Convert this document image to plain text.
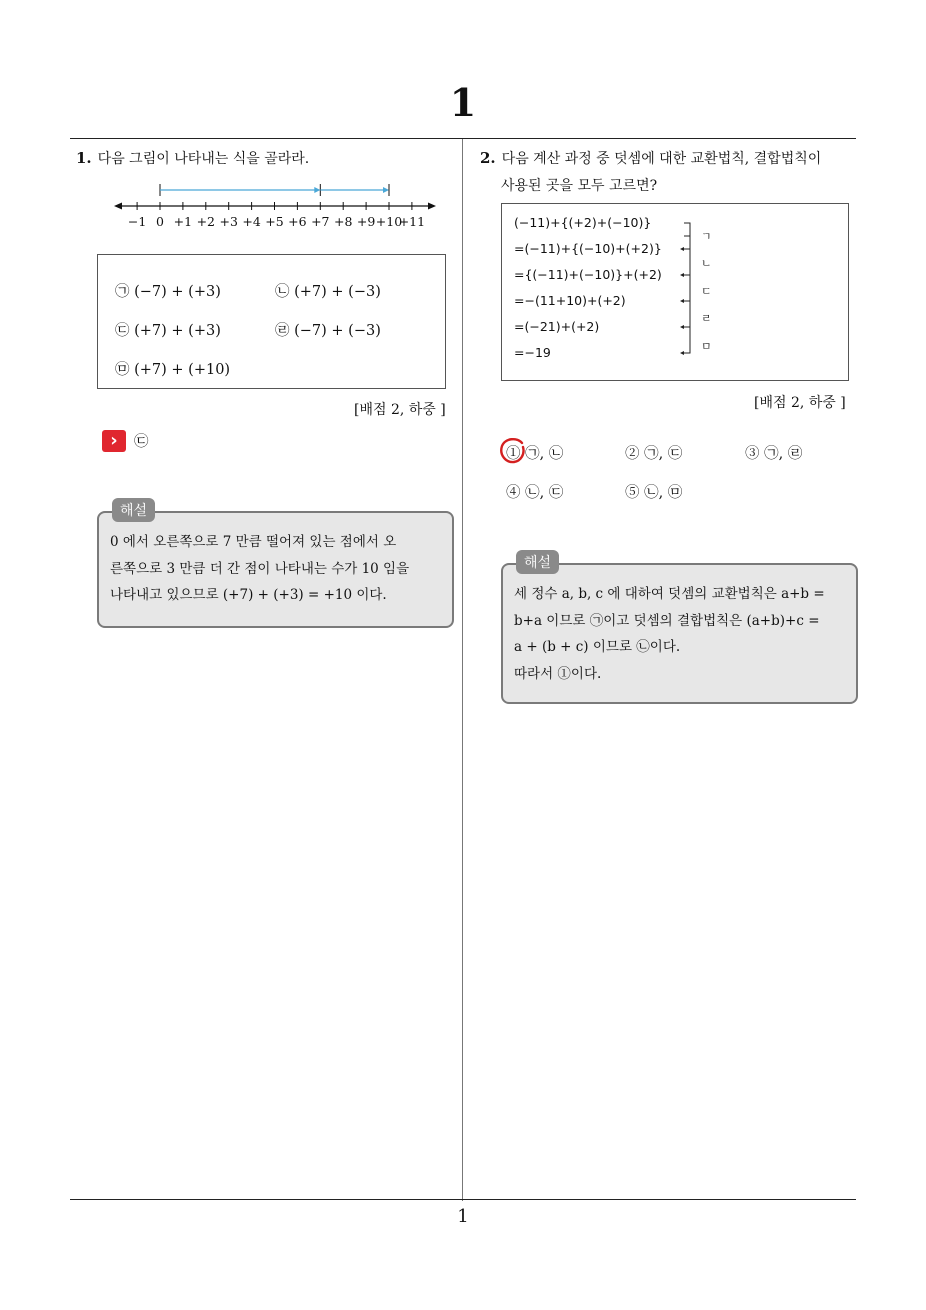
1
1
1. 다음 그림이 나타내는 식을 골라라.
−1 0 +1 +2 +3 +4 +5 +6 +7 +8 +9 +10
+11
㉠ (−7) + (+3)	㉡ (+7) + (−3)
㉢ (+7) + (+3)	㉣ (−7) + (−3)
㉤ (+7) + (+10)
[배점 2, 하중 ]
›	㉢
해설
0 에서 오른쪽으로 7 만큼 떨어져 있는 점에서 오
른쪽으로 3 만큼 더 간 점이 나타내는 수가 10 임을
나타내고 있으므로 (+7) + (+3) = +10 이다.
2. 다음 계산 과정 중 덧셈에 대한 교환법칙, 결합법칙이
사용된 곳을 모두 고르면?
(−11)+{(+2)+(−10)}
=(−11)+{(−10)+(+2)}
={(−11)+(−10)}+(+2)
=−(11+10)+(+2)
=(−21)+(+2)
=−19
ㄱ
ㄴ
ㄷ
ㄹ
ㅁ
[배점 2, 하중 ]
① ㉠, ㉡	② ㉠, ㉢	③ ㉠, ㉣
④ ㉡, ㉢	⑤ ㉡, ㉤
해설
세 정수 a, b, c 에 대하여 덧셈의 교환법칙은 a+b =
b+a 이므로 ㉠이고 덧셈의 결합법칙은 (a+b)+c =
a + (b + c) 이므로 ㉡이다.
따라서 ①이다.
